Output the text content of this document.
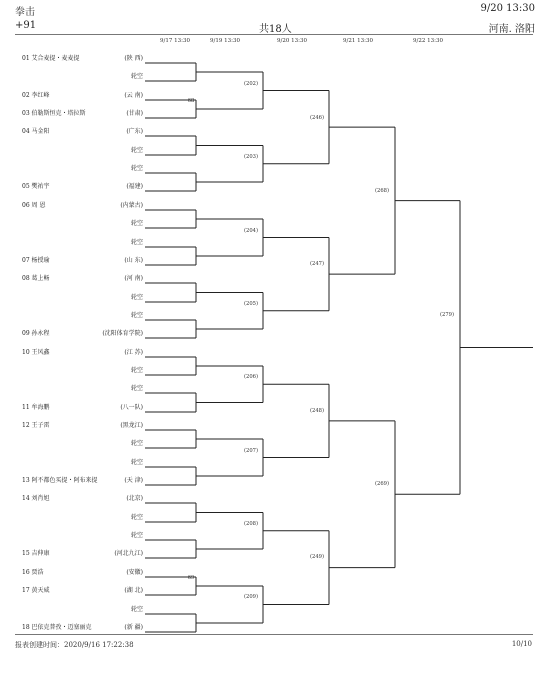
拳击	9/20 13:30
+91	共18人	河南. 洛阳
9/17 13:30	9/19 13:30	9/20 13:30	9/21 13:30	9/22 13:30
01 艾合麦提・麦麦提	(陕 西)
轮空
02 李红峰	(云 南)
03 伯勒斯恒克・塔拉斯	(甘肃)
04 马金阳	(广东)
轮空
轮空
05 樊祐宇	(福建)
06 周 恩	(内蒙古)
轮空
轮空
07 杨授瑜	(山 东)
08 葛上畅	(河 南)
轮空
轮空
09 孙永程	(沈阳体育学院)
10 王风鑫	(江 苏)
轮空
轮空
11 牟海鹏	(八一队)
12 王子雷	(黑龙江)
轮空
轮空
13 阿不都色买提・阿布来提	(天 津)
14 刘肖旭	(北京)
轮空
轮空
15 吉伸康	(河北九江)
16 贾浩	(安徽)
17 黄天威	(湖 北)
轮空
18 巴依克普孜・迈塞丽克	(新 疆)
68
69
(202)
(203)
(204)
(205)
(206)
(207)
(208)
(209)
(246)
(247)
(248)
(249)
(268)
(269)
(279)
报表创建时间：2020/9/16 17:22:38	10/10
